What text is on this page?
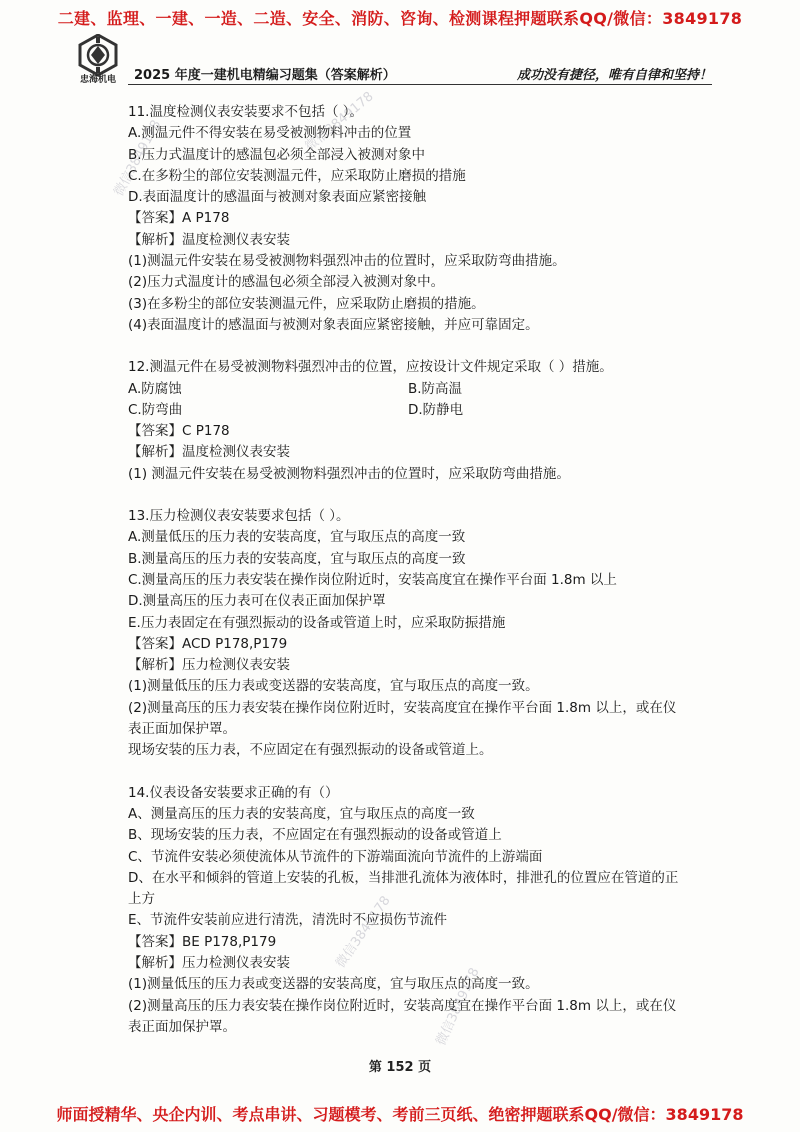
二建、监理、一建、一造、二造、安全、消防、咨询、检测课程押题联系QQ/微信：3849178
忠海机电	2025 年度一建机电精编习题集（答案解析）	成功没有捷径，唯有自律和坚持！
11.温度检测仪表安装要求不包括（ ）。
A.测温元件不得安装在易受被测物料冲击的位置
B.压力式温度计的感温包必须全部浸入被测对象中
C.在多粉尘的部位安装测温元件，应采取防止磨损的措施
D.表面温度计的感温面与被测对象表面应紧密接触
【答案】A P178
【解析】温度检测仪表安装
(1)测温元件安装在易受被测物料强烈冲击的位置时，应采取防弯曲措施。
(2)压力式温度计的感温包必须全部浸入被测对象中。
(3)在多粉尘的部位安装测温元件，应采取防止磨损的措施。
(4)表面温度计的感温面与被测对象表面应紧密接触，并应可靠固定。
12.测温元件在易受被测物料强烈冲击的位置，应按设计文件规定采取（ ）措施。
A.防腐蚀	B.防高温
C.防弯曲	D.防静电
【答案】C P178
【解析】温度检测仪表安装
(1) 测温元件安装在易受被测物料强烈冲击的位置时，应采取防弯曲措施。
13.压力检测仪表安装要求包括（ ）。
A.测量低压的压力表的安装高度，宜与取压点的高度一致
B.测量高压的压力表的安装高度，宜与取压点的高度一致
C.测量高压的压力表安装在操作岗位附近时，安装高度宜在操作平台面 1.8m 以上
D.测量高压的压力表可在仪表正面加保护罩
E.压力表固定在有强烈振动的设备或管道上时，应采取防振措施
【答案】ACD P178,P179
【解析】压力检测仪表安装
(1)测量低压的压力表或变送器的安装高度，宜与取压点的高度一致。
(2)测量高压的压力表安装在操作岗位附近时，安装高度宜在操作平台面 1.8m 以上，或在仪表正面加保护罩。
现场安装的压力表，不应固定在有强烈振动的设备或管道上。
14.仪表设备安装要求正确的有（）
A、测量高压的压力表的安装高度，宜与取压点的高度一致
B、现场安装的压力表，不应固定在有强烈振动的设备或管道上
C、节流件安装必须使流体从节流件的下游端面流向节流件的上游端面
D、在水平和倾斜的管道上安装的孔板，当排泄孔流体为液体时，排泄孔的位置应在管道的正上方
E、节流件安装前应进行清洗，清洗时不应损伤节流件
【答案】BE P178,P179
【解析】压力检测仪表安装
(1)测量低压的压力表或变送器的安装高度，宜与取压点的高度一致。
(2)测量高压的压力表安装在操作岗位附近时，安装高度宜在操作平台面 1.8m 以上，或在仪表正面加保护罩。
微信3849178	微信3849178
微信3849178
微信3849178
第 152 页
师面授精华、央企内训、考点串讲、习题模考、考前三页纸、绝密押题联系QQ/微信：3849178
